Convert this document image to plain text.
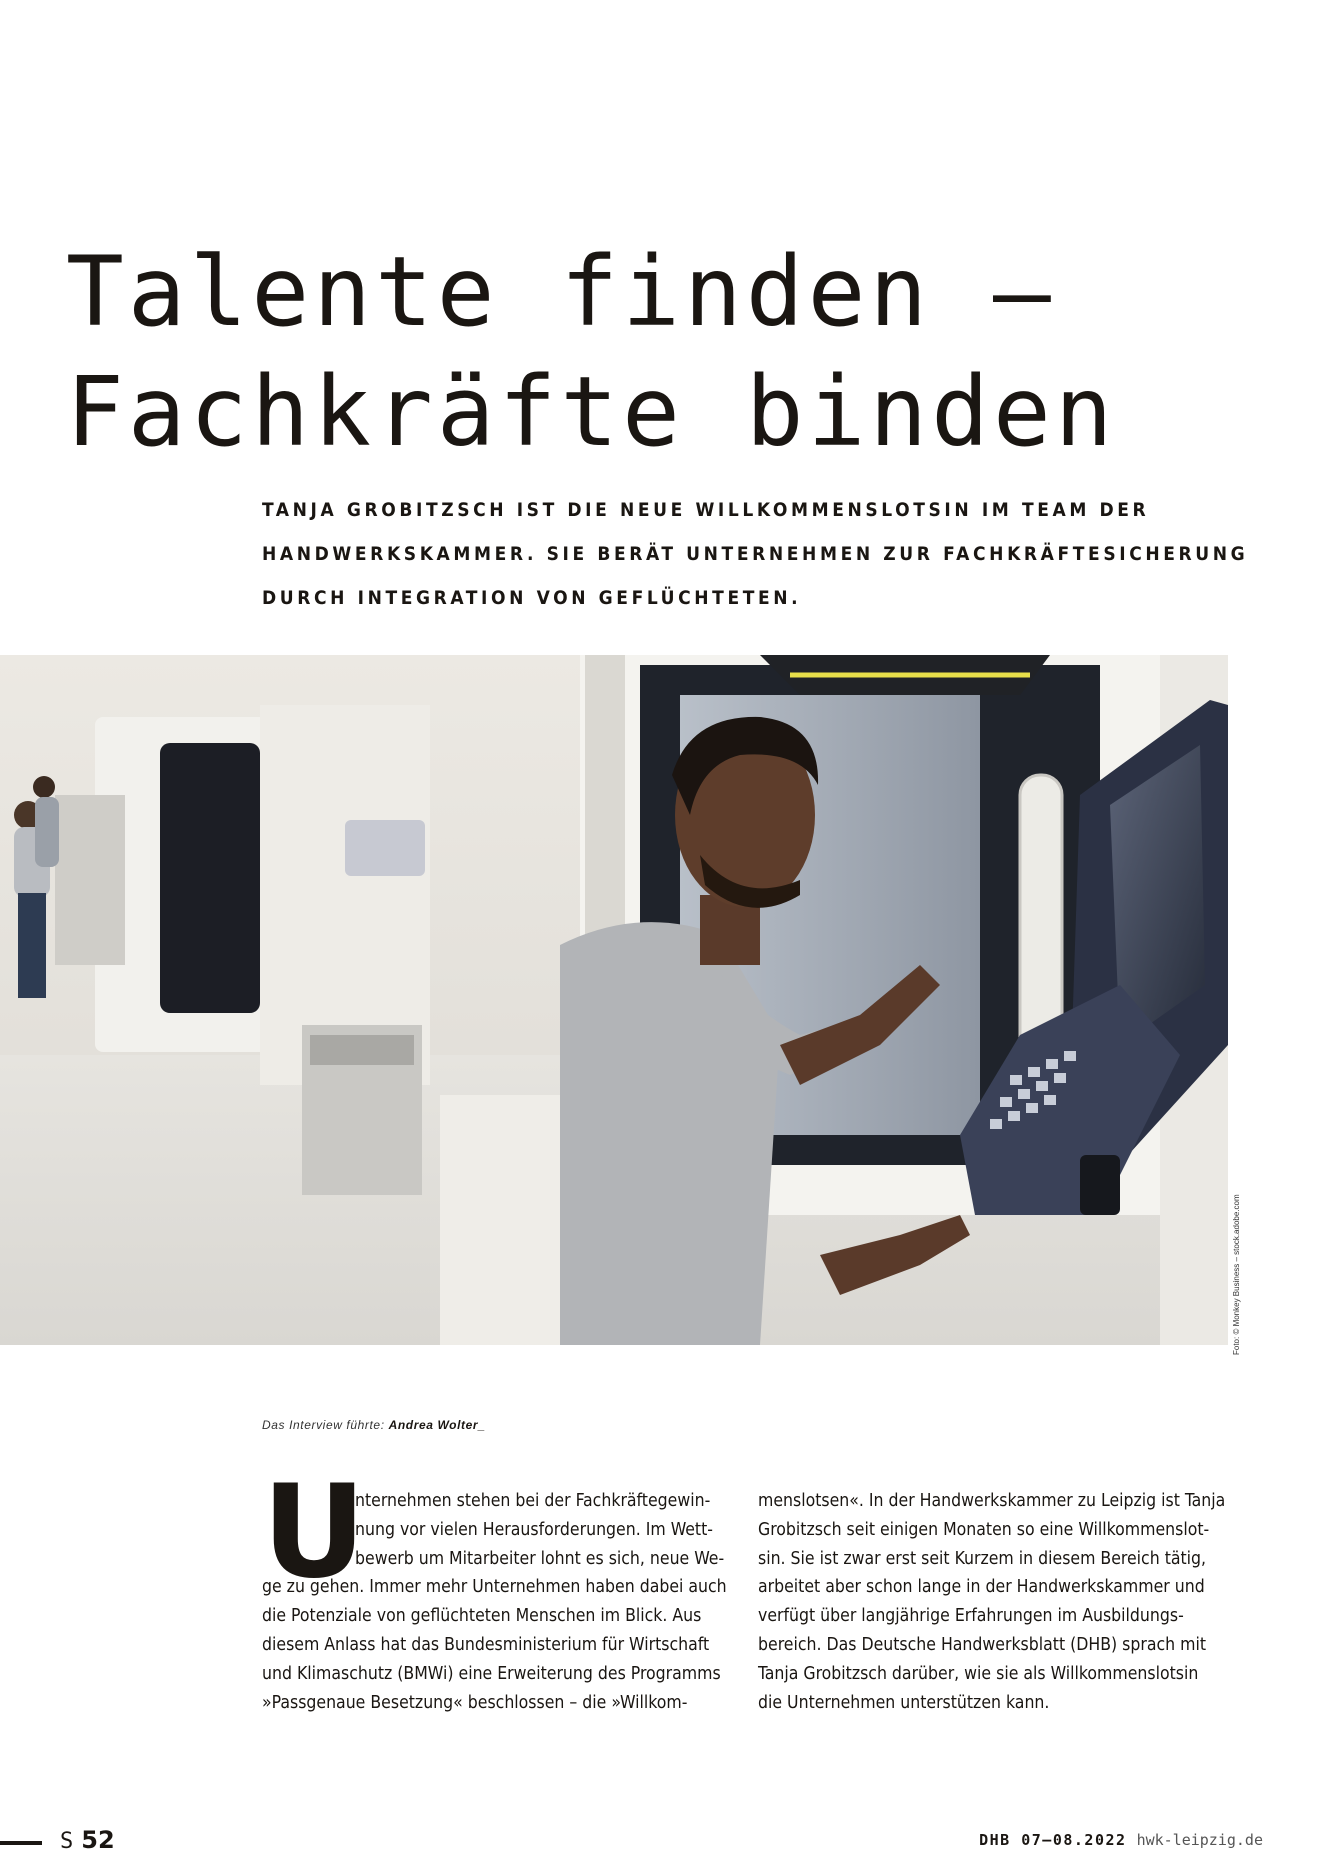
Talente finden –
Fachkräfte binden
TANJA GROBITZSCH IST DIE NEUE WILLKOMMENSLOTSIN IM TEAM DER
HANDWERKSKAMMER. SIE BERÄT UNTERNEHMEN ZUR FACHKRÄFTESICHERUNG
DURCH INTEGRATION VON GEFLÜCHTETEN.
Foto: © Monkey Business – stock.adobe.com
Das Interview führte: Andrea Wolter_
U
nternehmen stehen bei der Fachkräftegewin-
nung vor vielen Herausforderungen. Im Wett-
bewerb um Mitarbeiter lohnt es sich, neue We-
ge zu gehen. Immer mehr Unternehmen haben dabei auch
die Potenziale von geflüchteten Menschen im Blick. Aus
diesem Anlass hat das Bundesministerium für Wirtschaft
und Klimaschutz (BMWi) eine Erweiterung des Programms
»Passgenaue Besetzung« beschlossen – die »Willkom-
menslotsen«. In der Handwerkskammer zu Leipzig ist Tanja
Grobitzsch seit einigen Monaten so eine Willkommenslot-
sin. Sie ist zwar erst seit Kurzem in diesem Bereich tätig,
arbeitet aber schon lange in der Handwerkskammer und
verfügt über langjährige Erfahrungen im Ausbildungs-
bereich. Das Deutsche Handwerksblatt (DHB) sprach mit
Tanja Grobitzsch darüber, wie sie als Willkommenslotsin
die Unternehmen unterstützen kann.
S 52	DHB 07–08.2022 hwk-leipzig.de
